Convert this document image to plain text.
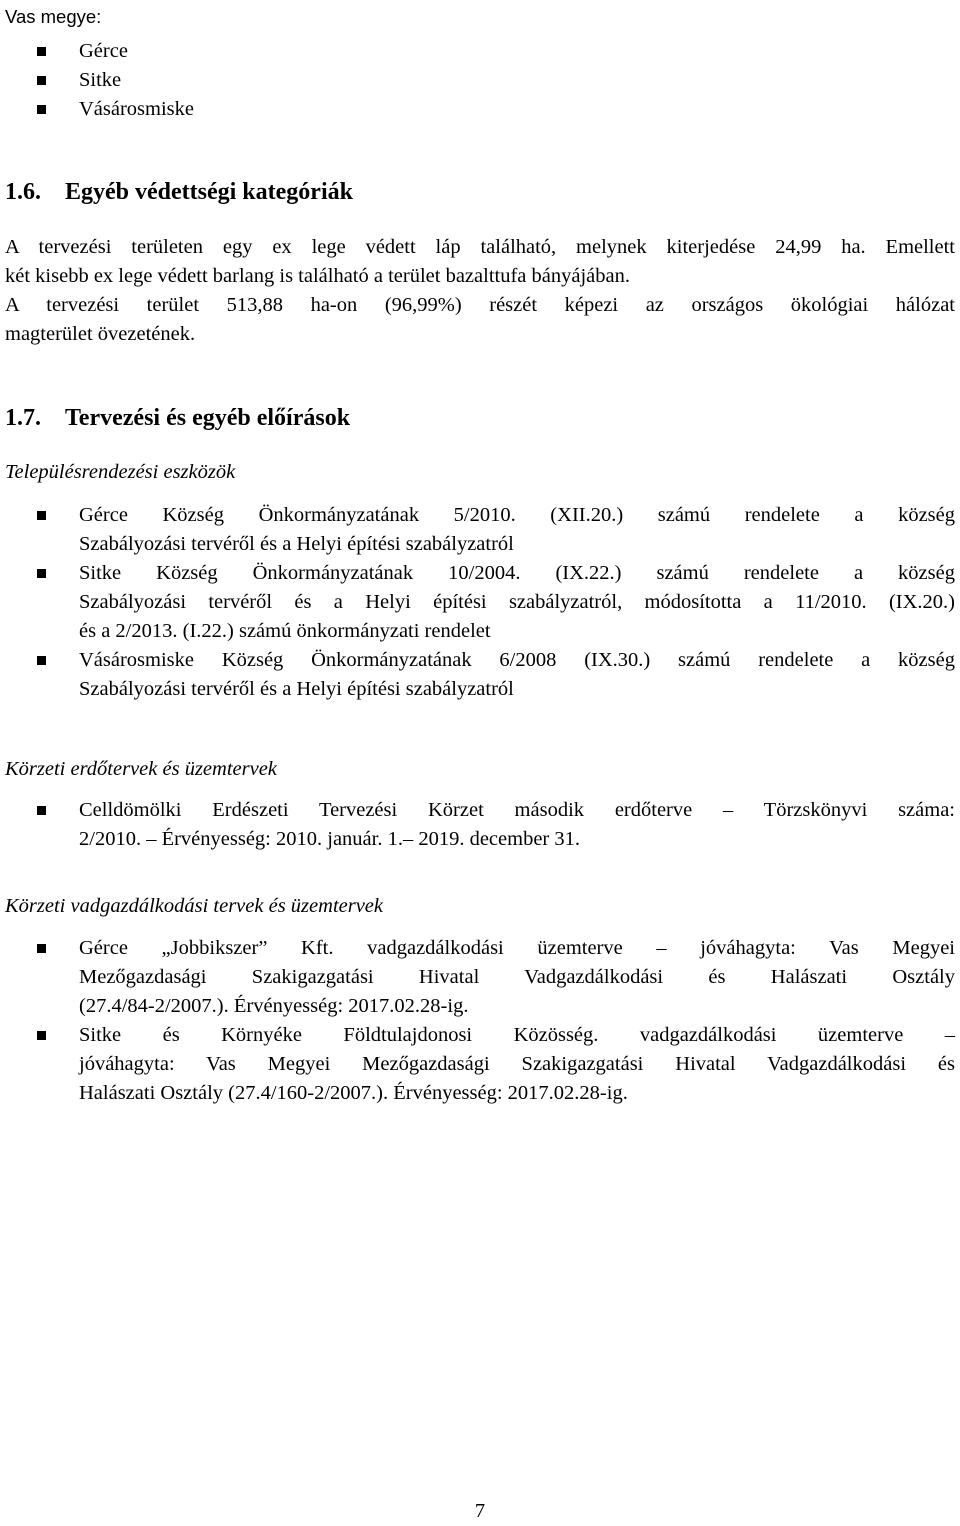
Vas megye:
Gérce
Sitke
Vásárosmiske
1.6. Egyéb védettségi kategóriák
A tervezési területen egy ex lege védett láp található, melynek kiterjedése 24,99 ha. Emellett
két kisebb ex lege védett barlang is található a terület bazalttufa bányájában.
A tervezési terület 513,88 ha-on (96,99%) részét képezi az országos ökológiai hálózat
magterület övezetének.
1.7. Tervezési és egyéb előírások
Településrendezési eszközök
Gérce Község Önkormányzatának 5/2010. (XII.20.) számú rendelete a község
Szabályozási tervéről és a Helyi építési szabályzatról
Sitke Község Önkormányzatának 10/2004. (IX.22.) számú rendelete a község
Szabályozási tervéről és a Helyi építési szabályzatról, módosította a 11/2010. (IX.20.)
és a 2/2013. (I.22.) számú önkormányzati rendelet
Vásárosmiske Község Önkormányzatának 6/2008 (IX.30.) számú rendelete a község
Szabályozási tervéről és a Helyi építési szabályzatról
Körzeti erdőtervek és üzemtervek
Celldömölki Erdészeti Tervezési Körzet második erdőterve – Törzskönyvi száma:
2/2010. – Érvényesség: 2010. január. 1.– 2019. december 31.
Körzeti vadgazdálkodási tervek és üzemtervek
Gérce „Jobbikszer” Kft. vadgazdálkodási üzemterve – jóváhagyta: Vas Megyei
Mezőgazdasági Szakigazgatási Hivatal Vadgazdálkodási és Halászati Osztály
(27.4/84-2/2007.). Érvényesség: 2017.02.28-ig.
Sitke és Környéke Földtulajdonosi Közösség. vadgazdálkodási üzemterve –
jóváhagyta: Vas Megyei Mezőgazdasági Szakigazgatási Hivatal Vadgazdálkodási és
Halászati Osztály (27.4/160-2/2007.). Érvényesség: 2017.02.28-ig.
7
